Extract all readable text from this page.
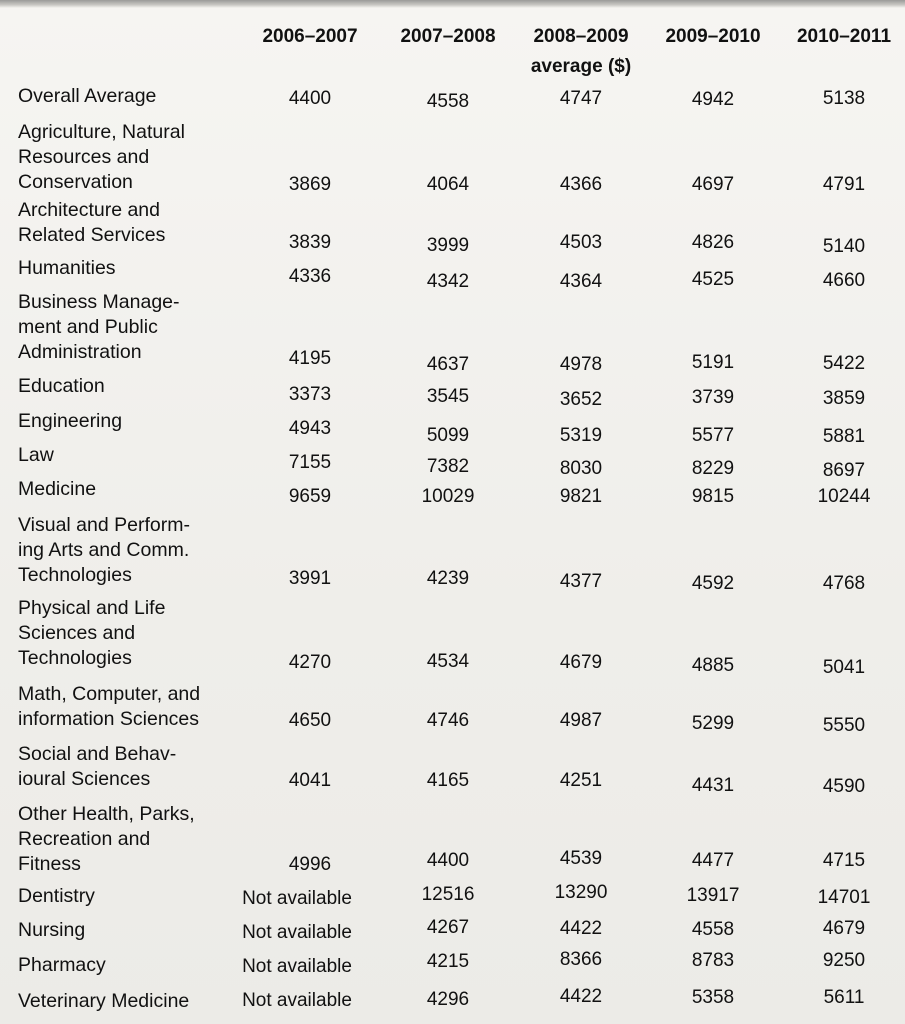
2006–2007	2007–2008	2008–2009	2009–2010	2010–2011
average ($)
Overall Average	4400	4558	4747	4942	5138
Agriculture, Natural
Resources and
Conservation	3869	4064	4366	4697	4791
Architecture and
Related Services	3839	3999	4503	4826	5140
Humanities	4336	4342	4364	4525	4660
Business Manage-
ment and Public
Administration	4195	4637	4978	5191	5422
Education	3373	3545	3652	3739	3859
Engineering	4943	5099	5319	5577	5881
Law	7155	7382	8030	8229	8697
Medicine	9659	10029	9821	9815	10244
Visual and Perform-
ing Arts and Comm.
Technologies	3991	4239	4377	4592	4768
Physical and Life
Sciences and
Technologies	4270	4534	4679	4885	5041
Math, Computer, and
information Sciences	4650	4746	4987	5299	5550
Social and Behav-
ioural Sciences	4041	4165	4251	4431	4590
Other Health, Parks,
Recreation and
Fitness	4996	4400	4539	4477	4715
Dentistry	Not available	12516	13290	13917	14701
Nursing	Not available	4267	4422	4558	4679
Pharmacy	Not available	4215	8366	8783	9250
Veterinary Medicine	Not available	4296	4422	5358	5611
